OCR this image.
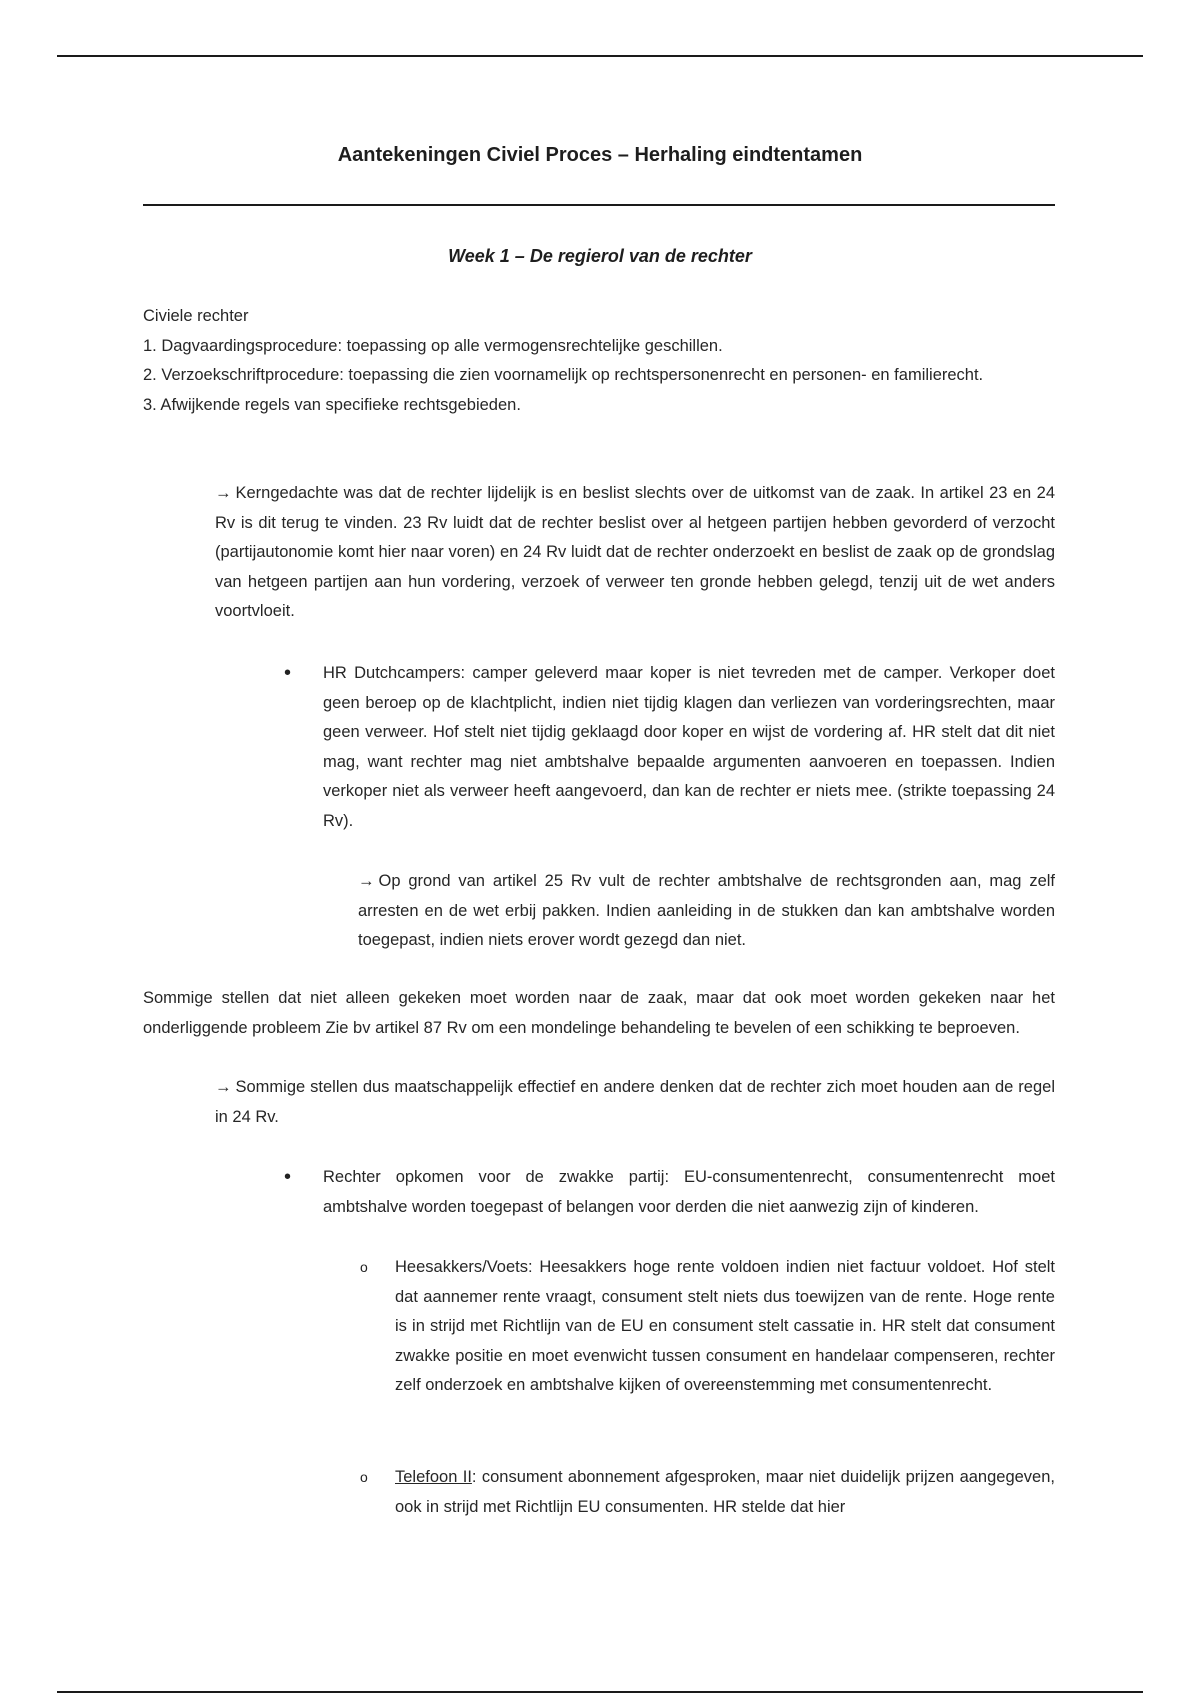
Aantekeningen Civiel Proces – Herhaling eindtentamen
Week 1 – De regierol van de rechter

Civiele rechter

1. Dagvaardingsprocedure: toepassing op alle vermogensrechtelijke geschillen.

2. Verzoekschriftprocedure: toepassing die zien voornamelijk op rechtspersonenrecht en personen- en familierecht.

3. Afwijkende regels van specifieke rechtsgebieden.

→ Kerngedachte was dat de rechter lijdelijk is en beslist slechts over de uitkomst van de zaak. In artikel 23 en 24 Rv is dit terug te vinden. 23 Rv luidt dat de rechter beslist over al hetgeen partijen hebben gevorderd of verzocht (partijautonomie komt hier naar voren) en 24 Rv luidt dat de rechter onderzoekt en beslist de zaak op de grondslag van hetgeen partijen aan hun vordering, verzoek of verweer ten gronde hebben gelegd, tenzij uit de wet anders voortvloeit.
• HR Dutchcampers: camper geleverd maar koper is niet tevreden met de camper. Verkoper doet geen beroep op de klachtplicht, indien niet tijdig klagen dan verliezen van vorderingsrechten, maar geen verweer. Hof stelt niet tijdig geklaagd door koper en wijst de vordering af. HR stelt dat dit niet mag, want rechter mag niet ambtshalve bepaalde argumenten aanvoeren en toepassen. Indien verkoper niet als verweer heeft aangevoerd, dan kan de rechter er niets mee. (strikte toepassing 24 Rv).
→ Op grond van artikel 25 Rv vult de rechter ambtshalve de rechtsgronden aan, mag zelf arresten en de wet erbij pakken. Indien aanleiding in de stukken dan kan ambtshalve worden toegepast, indien niets erover wordt gezegd dan niet.
Sommige stellen dat niet alleen gekeken moet worden naar de zaak, maar dat ook moet worden gekeken naar het onderliggende probleem Zie bv artikel 87 Rv om een mondelinge behandeling te bevelen of een schikking te beproeven.
→ Sommige stellen dus maatschappelijk effectief en andere denken dat de rechter zich moet houden aan de regel in 24 Rv.
• Rechter opkomen voor de zwakke partij: EU-consumentenrecht, consumentenrecht moet ambtshalve worden toegepast of belangen voor derden die niet aanwezig zijn of kinderen.
o Heesakkers/Voets: Heesakkers hoge rente voldoen indien niet factuur voldoet. Hof stelt dat aannemer rente vraagt, consument stelt niets dus toewijzen van de rente. Hoge rente is in strijd met Richtlijn van de EU en consument stelt cassatie in. HR stelt dat consument zwakke positie en moet evenwicht tussen consument en handelaar compenseren, rechter zelf onderzoek en ambtshalve kijken of overeenstemming met consumentenrecht.
o Telefoon II: consument abonnement afgesproken, maar niet duidelijk prijzen aangegeven, ook in strijd met Richtlijn EU consumenten. HR stelde dat hier
